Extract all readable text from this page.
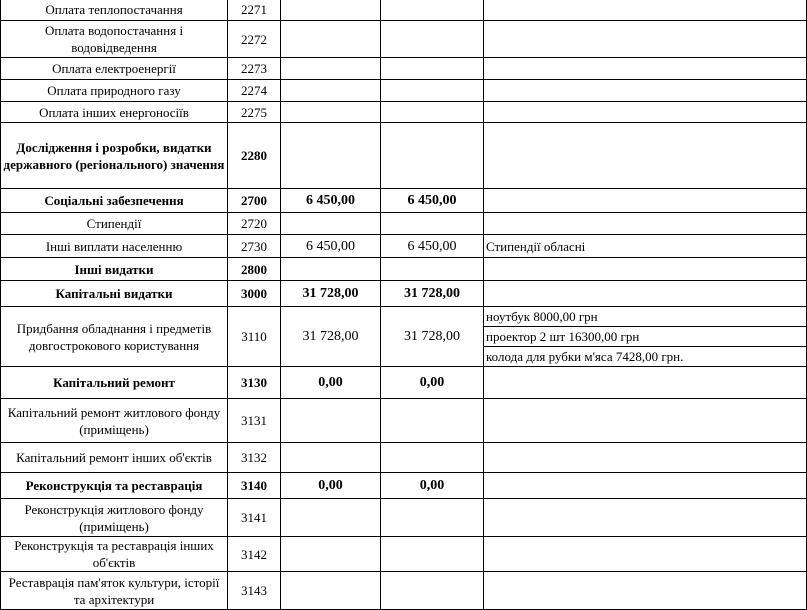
Оплата теплопостачання	2271			
Оплата водопостачання і водовідведення	2272			
Оплата електроенергії	2273			
Оплата природного газу	2274			
Оплата інших енергоносіїв	2275			
Дослідження і розробки, видатки державного (регіонального) значення	2280			
Соціальні забезпечення	2700	6 450,00	6 450,00	
Стипендії	2720			
Інші виплати населенню	2730	6 450,00	6 450,00	Стипендії обласні
Інші видатки	2800			
Капітальні видатки	3000	31 728,00	31 728,00	
Придбання обладнання і предметів довгострокового користування	3110	31 728,00	31 728,00	ноутбук 8000,00 грн
проектор 2 шт 16300,00 грн
колода для рубки м'яса 7428,00 грн.

Капітальний ремонт	3130	0,00	0,00	
Капітальний ремонт житлового фонду (приміщень)	3131			
Капітальний ремонт інших об'єктів	3132			
Реконструкція та реставрація	3140	0,00	0,00	
Реконструкція житлового фонду (приміщень)	3141			
Реконструкція та реставрація інших об'єктів	3142			
Реставрація пам'яток культури, історії та архітектури	3143			
